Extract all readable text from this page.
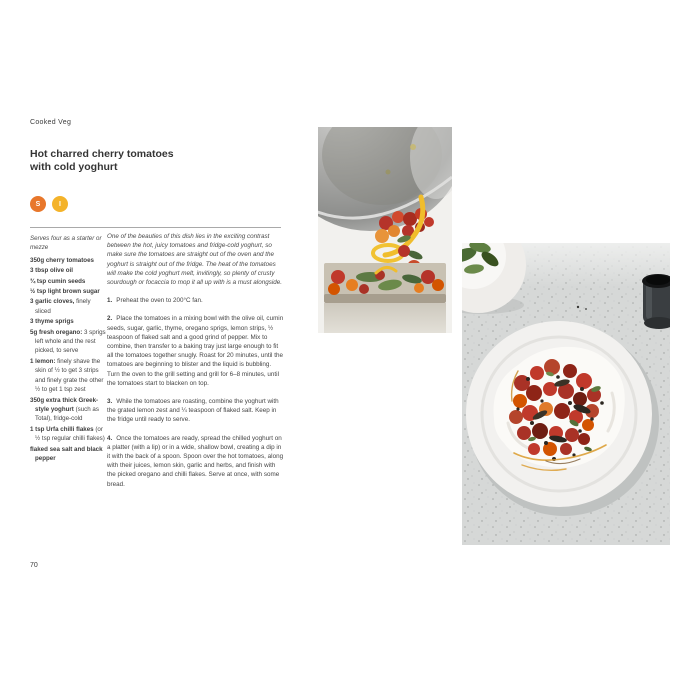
Cooked Veg
Hot charred cherry tomatoes
with cold yoghurt
S	I

Serves four as a starter or mezze

350g cherry tomatoes

3 tbsp olive oil

¾ tsp cumin seeds

½ tsp light brown sugar

3 garlic cloves, finely sliced

3 thyme sprigs

5g fresh oregano: 3 sprigs left whole and the rest picked, to serve

1 lemon: finely shave the skin of ½ to get 3 strips and finely grate the other ½ to get 1 tsp zest

350g extra thick Greek-style yoghurt (such as Total), fridge-cold

1 tsp Urfa chilli flakes (or ½ tsp regular chilli flakes)

flaked sea salt and black pepper

One of the beauties of this dish lies in the exciting contrast between the hot, juicy tomatoes and fridge-cold yoghurt, so make sure the tomatoes are straight out of the oven and the yoghurt is straight out of the fridge. The heat of the tomatoes will make the cold yoghurt melt, invitingly, so plenty of crusty sourdough or focaccia to mop it all up with is a must alongside.

1. Preheat the oven to 200°C fan.

2. Place the tomatoes in a mixing bowl with the olive oil, cumin seeds, sugar, garlic, thyme, oregano sprigs, lemon strips, ½ teaspoon of flaked salt and a good grind of pepper. Mix to combine, then transfer to a baking tray just large enough to fit all the tomatoes together snugly. Roast for 20 minutes, until the tomatoes are beginning to blister and the liquid is bubbling. Turn the oven to the grill setting and grill for 6–8 minutes, until the tomatoes start to blacken on top.

3. While the tomatoes are roasting, combine the yoghurt with the grated lemon zest and ¼ teaspoon of flaked salt. Keep in the fridge until ready to serve.

4. Once the tomatoes are ready, spread the chilled yoghurt on a platter (with a lip) or in a wide, shallow bowl, creating a dip in it with the back of a spoon. Spoon over the hot tomatoes, along with their juices, lemon skin, garlic and herbs, and finish with the picked oregano and chilli flakes. Serve at once, with some bread.

70
